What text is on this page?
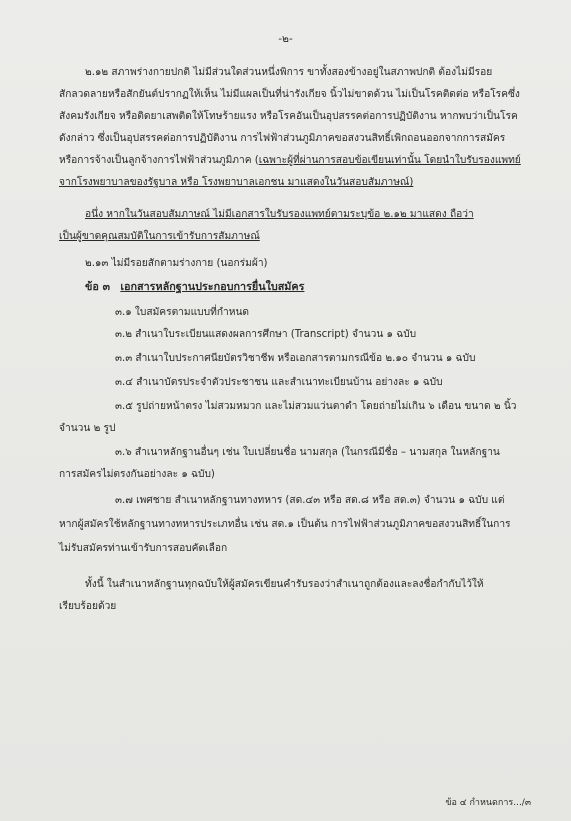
-๒-
๒.๑๒ สภาพร่างกายปกติ ไม่มีส่วนใดส่วนหนึ่งพิการ ขาทั้งสองข้างอยู่ในสภาพปกติ ต้องไม่มีรอย
สักลวดลายหรือสักยันต์ปรากฏให้เห็น ไม่มีแผลเป็นที่น่ารังเกียจ นิ้วไม่ขาดด้วน ไม่เป็นโรคติดต่อ หรือโรคซึ่ง
สังคมรังเกียจ หรือติดยาเสพติดให้โทษร้ายแรง หรือโรคอันเป็นอุปสรรคต่อการปฏิบัติงาน หากพบว่าเป็นโรค
ดังกล่าว ซึ่งเป็นอุปสรรคต่อการปฏิบัติงาน การไฟฟ้าส่วนภูมิภาคขอสงวนสิทธิ์เพิกถอนออกจากการสมัคร
หรือการจ้างเป็นลูกจ้างการไฟฟ้าส่วนภูมิภาค (เฉพาะผู้ที่ผ่านการสอบข้อเขียนเท่านั้น โดยนำใบรับรองแพทย์
จากโรงพยาบาลของรัฐบาล หรือ โรงพยาบาลเอกชน มาแสดงในวันสอบสัมภาษณ์)
อนึ่ง หากในวันสอบสัมภาษณ์ ไม่มีเอกสารใบรับรองแพทย์ตามระบุข้อ ๒.๑๒ มาแสดง ถือว่า
เป็นผู้ขาดคุณสมบัติในการเข้ารับการสัมภาษณ์
๒.๑๓ ไม่มีรอยสักตามร่างกาย (นอกร่มผ้า)
ข้อ ๓ เอกสารหลักฐานประกอบการยื่นใบสมัคร
๓.๑ ใบสมัครตามแบบที่กำหนด
๓.๒ สำเนาใบระเบียนแสดงผลการศึกษา (Transcript) จำนวน ๑ ฉบับ
๓.๓ สำเนาใบประกาศนียบัตรวิชาชีพ หรือเอกสารตามกรณีข้อ ๒.๑๐ จำนวน ๑ ฉบับ
๓.๔ สำเนาบัตรประจำตัวประชาชน และสำเนาทะเบียนบ้าน อย่างละ ๑ ฉบับ
๓.๕ รูปถ่ายหน้าตรง ไม่สวมหมวก และไม่สวมแว่นตาดำ โดยถ่ายไม่เกิน ๖ เดือน ขนาด ๒ นิ้ว
จำนวน ๒ รูป
๓.๖ สำเนาหลักฐานอื่นๆ เช่น ใบเปลี่ยนชื่อ นามสกุล (ในกรณีมีชื่อ – นามสกุล ในหลักฐาน
การสมัครไม่ตรงกันอย่างละ ๑ ฉบับ)
๓.๗ เพศชาย สำเนาหลักฐานทางทหาร (สด.๔๓ หรือ สด.๘ หรือ สด.๓) จำนวน ๑ ฉบับ แต่
หากผู้สมัครใช้หลักฐานทางทหารประเภทอื่น เช่น สด.๑ เป็นต้น การไฟฟ้าส่วนภูมิภาคขอสงวนสิทธิ์ในการ
ไม่รับสมัครท่านเข้ารับการสอบคัดเลือก
ทั้งนี้ ในสำเนาหลักฐานทุกฉบับให้ผู้สมัครเขียนคำรับรองว่าสำเนาถูกต้องและลงชื่อกำกับไว้ให้
เรียบร้อยด้วย
ข้อ ๔ กำหนดการ.../๓
